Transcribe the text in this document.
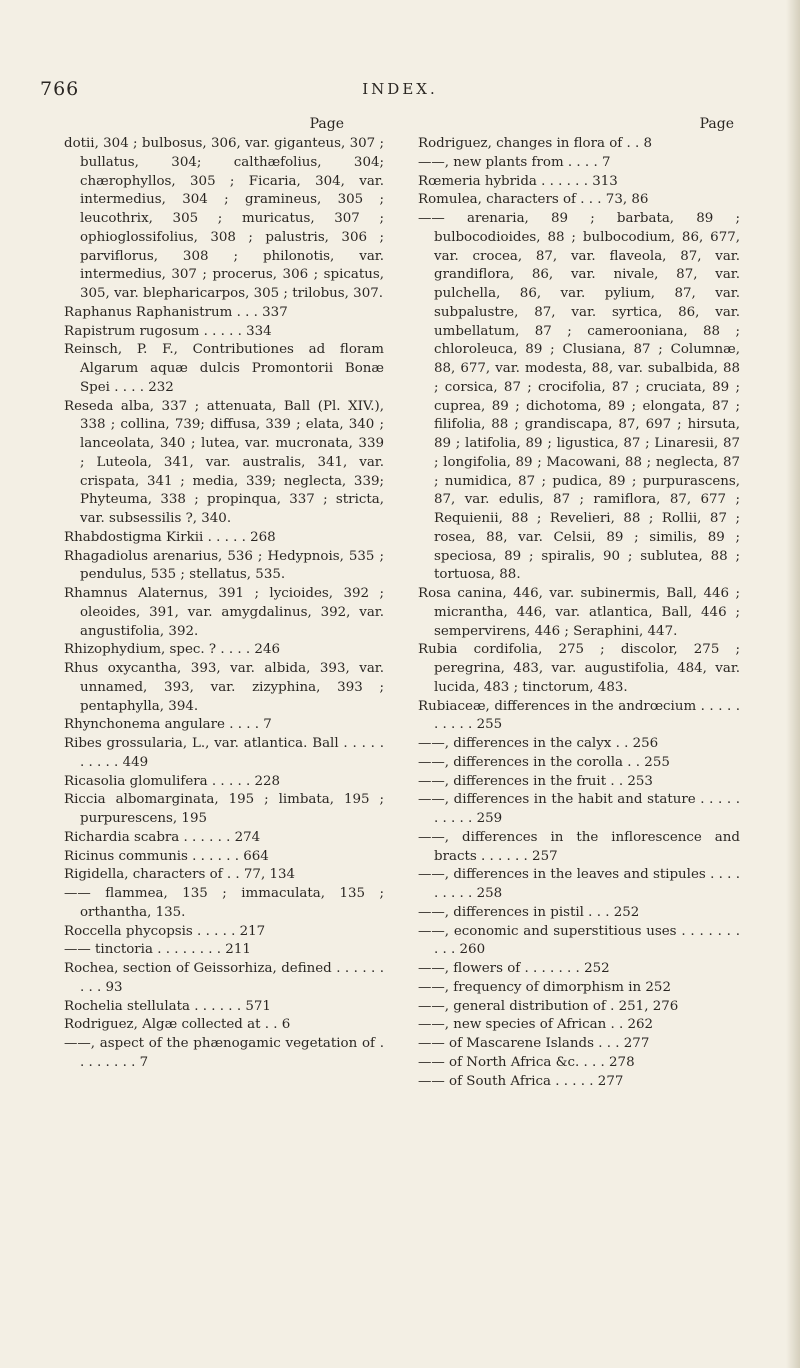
766	INDEX.
Page

dotii, 304 ; bulbosus, 306, var. giganteus, 307 ; bullatus, 304; calthæfolius, 304; chærophyllos, 305 ; Ficaria, 304, var. intermedius, 304 ; gramineus, 305 ; leucothrix, 305 ; muricatus, 307 ; ophioglossifolius, 308 ; palustris, 306 ; parviflorus, 308 ; philonotis, var. intermedius, 307 ; procerus, 306 ; spicatus, 305, var. blepharicarpos, 305 ; trilobus, 307.

Raphanus Raphanistrum . . . 337

Rapistrum rugosum . . . . . 334

Reinsch, P. F., Contributiones ad floram Algarum aquæ dulcis Promontorii Bonæ Spei . . . . 232

Reseda alba, 337 ; attenuata, Ball (Pl. XIV.), 338 ; collina, 739; diffusa, 339 ; elata, 340 ; lanceolata, 340 ; lutea, var. mucronata, 339 ; Luteola, 341, var. australis, 341, var. crispata, 341 ; media, 339; neglecta, 339; Phyteuma, 338 ; propinqua, 337 ; stricta, var. subsessilis ?, 340.

Rhabdostigma Kirkii . . . . . 268

Rhagadiolus arenarius, 536 ; Hedypnois, 535 ; pendulus, 535 ; stellatus, 535.

Rhamnus Alaternus, 391 ; lycioides, 392 ; oleoides, 391, var. amygdalinus, 392, var. angustifolia, 392.

Rhizophydium, spec. ? . . . . 246

Rhus oxycantha, 393, var. albida, 393, var. unnamed, 393, var. zizyphina, 393 ; pentaphylla, 394.

Rhynchonema angulare . . . . 7

Ribes grossularia, L., var. atlantica. Ball . . . . . . . . . . 449

Ricasolia glomulifera . . . . . 228

Riccia albomarginata, 195 ; limbata, 195 ; purpurescens, 195

Richardia scabra . . . . . . 274

Ricinus communis . . . . . . 664

Rigidella, characters of . . 77, 134

—— flammea, 135 ; immaculata, 135 ; orthantha, 135.

Roccella phycopsis . . . . . 217

—— tinctoria . . . . . . . . 211

Rochea, section of Geissorhiza, defined . . . . . . . . . 93

Rochelia stellulata . . . . . . 571

Rodriguez, Algæ collected at . . 6

——, aspect of the phænogamic vegetation of . . . . . . . . 7

Page

Rodriguez, changes in flora of . . 8

——, new plants from . . . . 7

Rœmeria hybrida . . . . . . 313

Romulea, characters of . . . 73, 86

—— arenaria, 89 ; barbata, 89 ; bulbocodioides, 88 ; bulbocodium, 86, 677, var. crocea, 87, var. flaveola, 87, var. grandiflora, 86, var. nivale, 87, var. pulchella, 86, var. pylium, 87, var. subpalustre, 87, var. syrtica, 86, var. umbellatum, 87 ; camerooniana, 88 ; chloroleuca, 89 ; Clusiana, 87 ; Columnæ, 88, 677, var. modesta, 88, var. subalbida, 88 ; corsica, 87 ; crocifolia, 87 ; cruciata, 89 ; cuprea, 89 ; dichotoma, 89 ; elongata, 87 ; filifolia, 88 ; grandiscapa, 87, 697 ; hirsuta, 89 ; latifolia, 89 ; ligustica, 87 ; Linaresii, 87 ; longifolia, 89 ; Macowani, 88 ; neglecta, 87 ; numidica, 87 ; pudica, 89 ; purpurascens, 87, var. edulis, 87 ; ramiflora, 87, 677 ; Requienii, 88 ; Revelieri, 88 ; Rollii, 87 ; rosea, 88, var. Celsii, 89 ; similis, 89 ; speciosa, 89 ; spiralis, 90 ; sublutea, 88 ; tortuosa, 88.

Rosa canina, 446, var. subinermis, Ball, 446 ; micrantha, 446, var. atlantica, Ball, 446 ; sempervirens, 446 ; Seraphini, 447.

Rubia cordifolia, 275 ; discolor, 275 ; peregrina, 483, var. augustifolia, 484, var. lucida, 483 ; tinctorum, 483.

Rubiaceæ, differences in the andrœcium . . . . . . . . . . 255

——, differences in the calyx . . 256

——, differences in the corolla . . 255

——, differences in the fruit . . 253

——, differences in the habit and stature . . . . . . . . . . 259

——, differences in the inflorescence and bracts . . . . . . 257

——, differences in the leaves and stipules . . . . . . . . . 258

——, differences in pistil . . . 252

——, economic and superstitious uses . . . . . . . . . . 260

——, flowers of . . . . . . . 252

——, frequency of dimorphism in 252

——, general distribution of . 251, 276

——, new species of African . . 262

—— of Mascarene Islands . . . 277

—— of North Africa &c. . . . 278

—— of South Africa . . . . . 277
